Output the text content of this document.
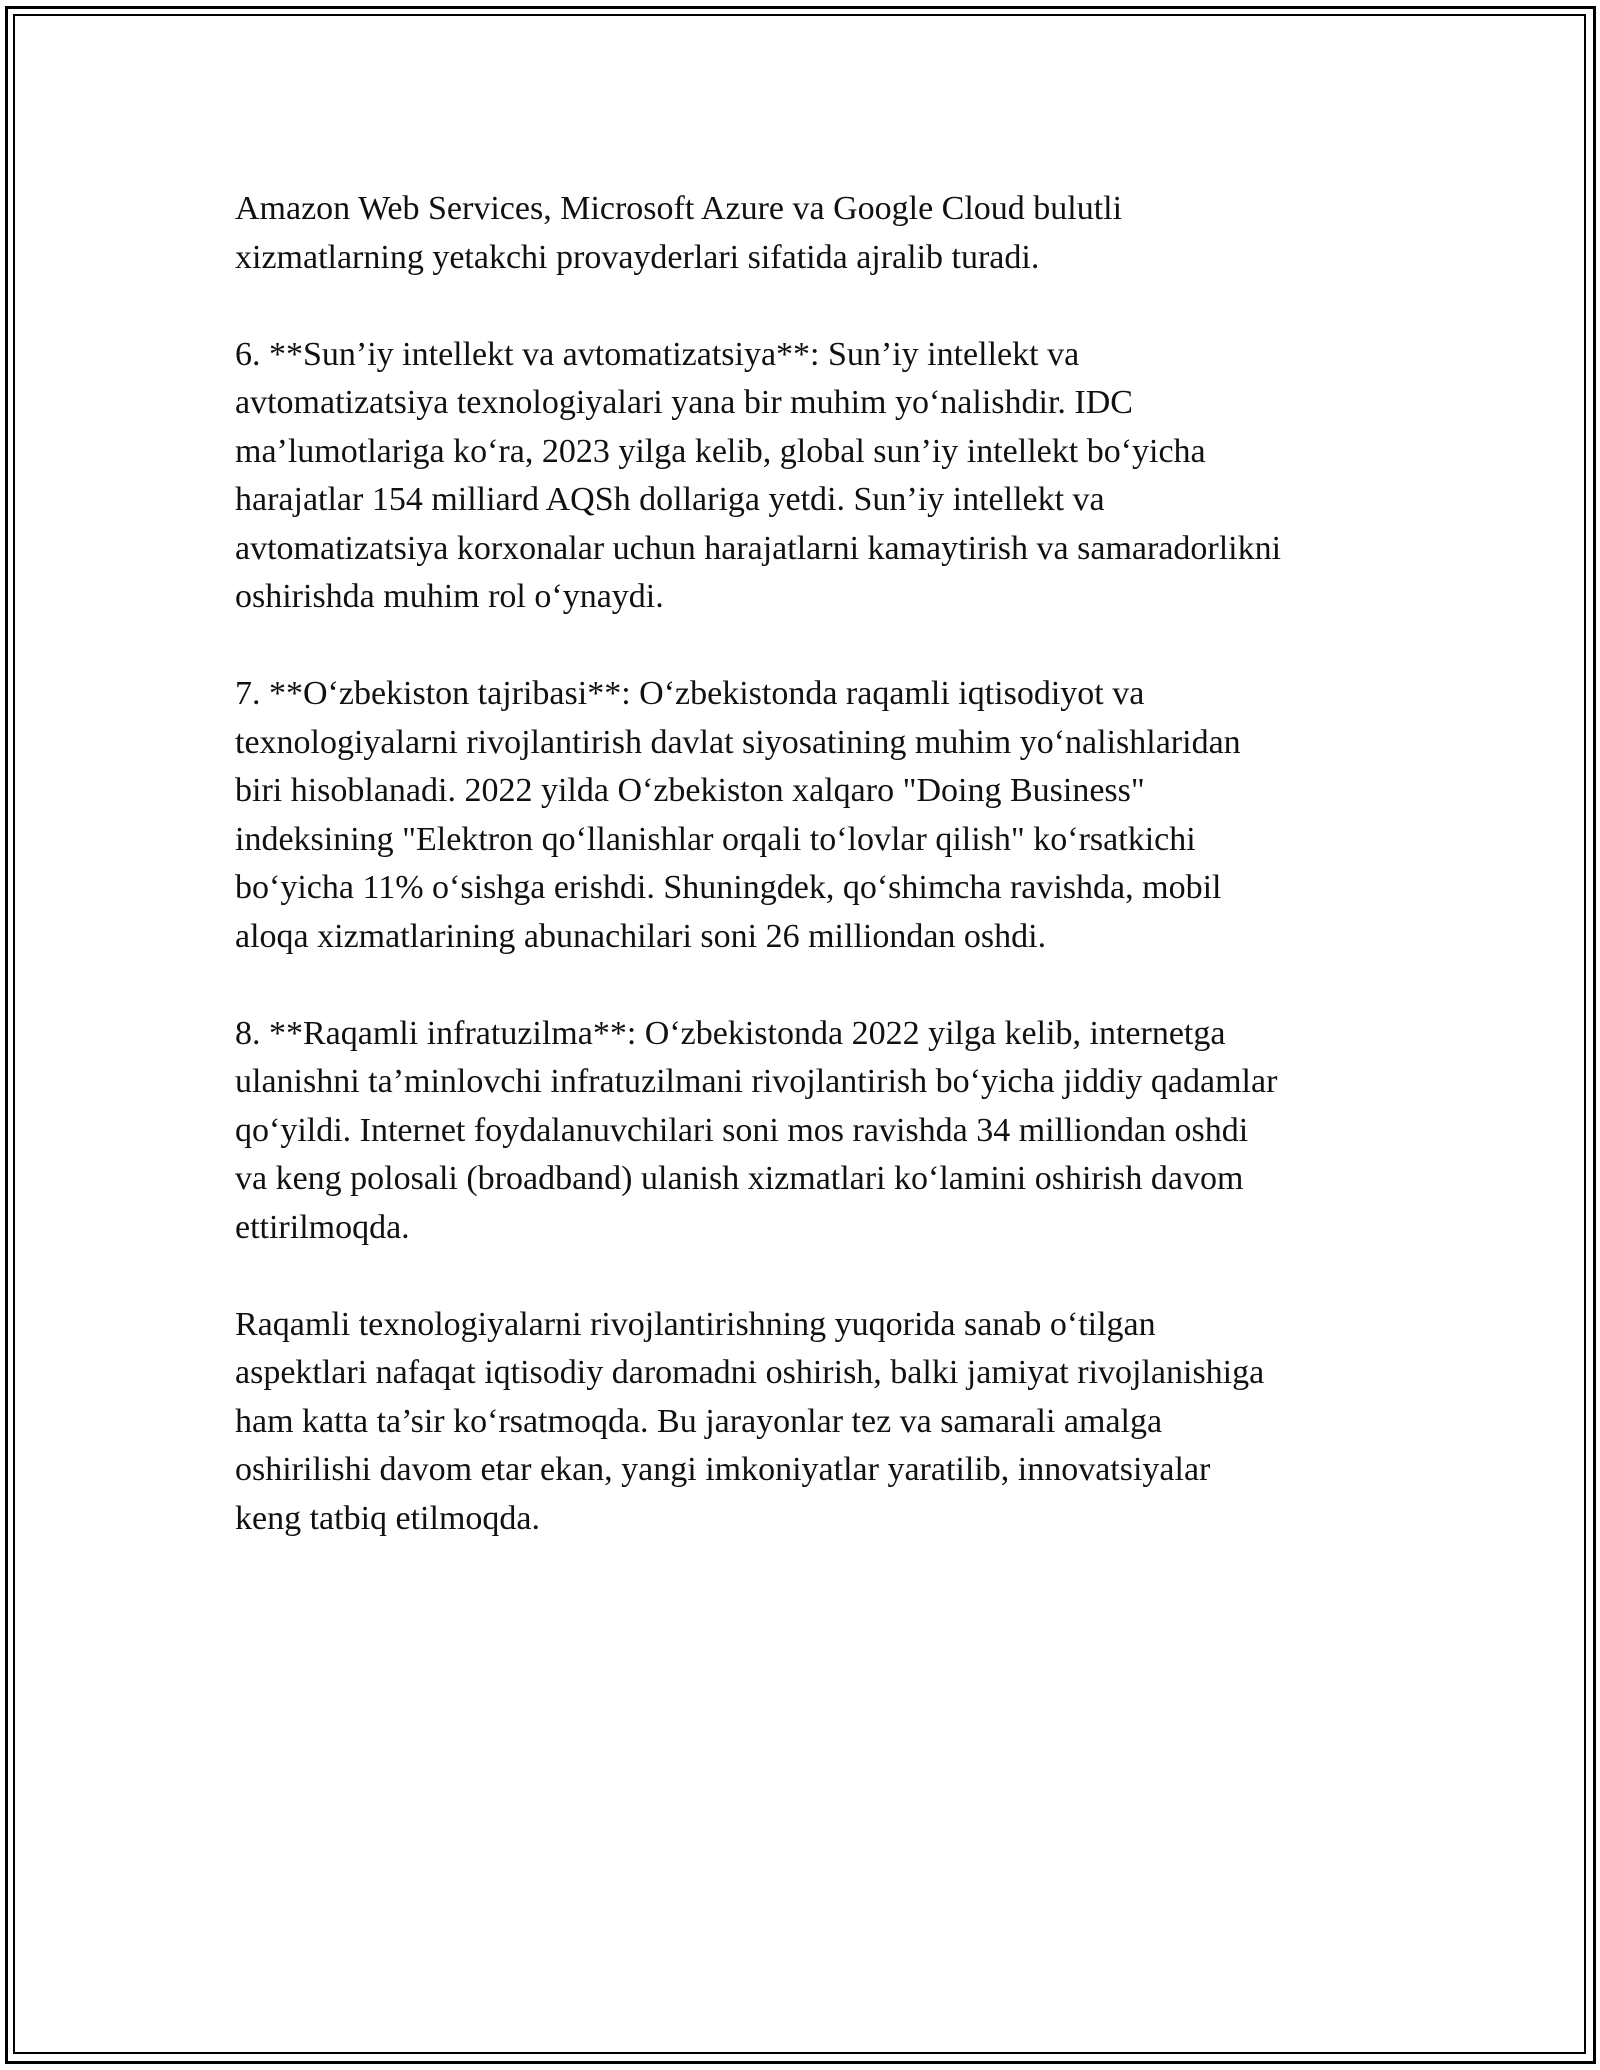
Amazon Web Services, Microsoft Azure va Google Cloud bulutli
xizmatlarning yetakchi provayderlari sifatida ajralib turadi.

6. **Sun’iy intellekt va avtomatizatsiya**: Sun’iy intellekt va
avtomatizatsiya texnologiyalari yana bir muhim yo‘nalishdir. IDC
ma’lumotlariga ko‘ra, 2023 yilga kelib, global sun’iy intellekt bo‘yicha
harajatlar 154 milliard AQSh dollariga yetdi. Sun’iy intellekt va
avtomatizatsiya korxonalar uchun harajatlarni kamaytirish va samaradorlikni
oshirishda muhim rol o‘ynaydi.

7. **O‘zbekiston tajribasi**: O‘zbekistonda raqamli iqtisodiyot va
texnologiyalarni rivojlantirish davlat siyosatining muhim yo‘nalishlaridan
biri hisoblanadi. 2022 yilda O‘zbekiston xalqaro "Doing Business"
indeksining "Elektron qo‘llanishlar orqali to‘lovlar qilish" ko‘rsatkichi
bo‘yicha 11% o‘sishga erishdi. Shuningdek, qo‘shimcha ravishda, mobil
aloqa xizmatlarining abunachilari soni 26 milliondan oshdi.

8. **Raqamli infratuzilma**: O‘zbekistonda 2022 yilga kelib, internetga
ulanishni ta’minlovchi infratuzilmani rivojlantirish bo‘yicha jiddiy qadamlar
qo‘yildi. Internet foydalanuvchilari soni mos ravishda 34 milliondan oshdi
va keng polosali (broadband) ulanish xizmatlari ko‘lamini oshirish davom
ettirilmoqda.

Raqamli texnologiyalarni rivojlantirishning yuqorida sanab o‘tilgan
aspektlari nafaqat iqtisodiy daromadni oshirish, balki jamiyat rivojlanishiga
ham katta ta’sir ko‘rsatmoqda. Bu jarayonlar tez va samarali amalga
oshirilishi davom etar ekan, yangi imkoniyatlar yaratilib, innovatsiyalar
keng tatbiq etilmoqda.
